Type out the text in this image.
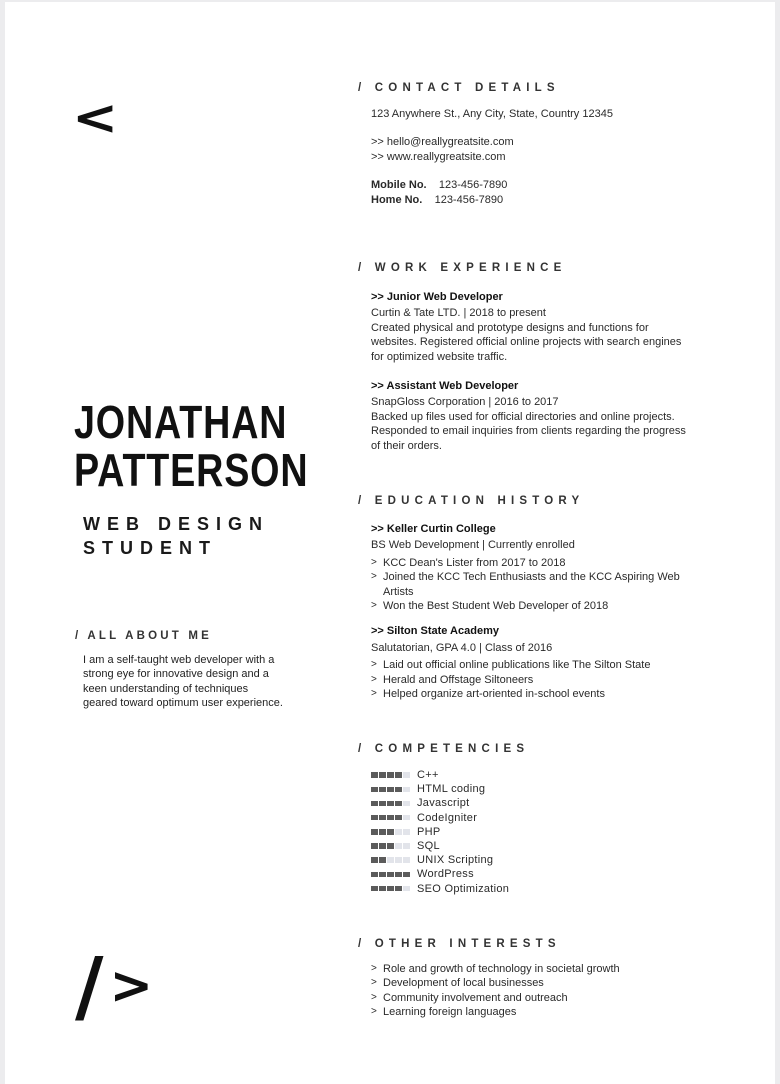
<
/>
JONATHAN
PATTERSON
WEB DESIGN
STUDENT
/ ALL ABOUT ME
I am a self-taught web developer with a strong eye for innovative design and a keen understanding of techniques geared toward optimum user experience.
/ CONTACT DETAILS
123 Anywhere St., Any City, State, Country 12345
>> hello@reallygreatsite.com
>> www.reallygreatsite.com
Mobile No. 123-456-7890
Home No. 123-456-7890
/ WORK EXPERIENCE
>> Junior Web Developer
Curtin & Tate LTD. | 2018 to present
Created physical and prototype designs and functions for websites. Registered official online projects with search engines for optimized website traffic.
>> Assistant Web Developer
SnapGloss Corporation | 2016 to 2017
Backed up files used for official directories and online projects. Responded to email inquiries from clients regarding the progress of their orders.
/ EDUCATION HISTORY
>> Keller Curtin College
BS Web Development | Currently enrolled
> KCC Dean's Lister from 2017 to 2018
> Joined the KCC Tech Enthusiasts and the KCC Aspiring Web Artists
> Won the Best Student Web Developer of 2018
>> Silton State Academy
Salutatorian, GPA 4.0 | Class of 2016
> Laid out official online publications like The Silton State
> Herald and Offstage Siltoneers
> Helped organize art-oriented in-school events
/ COMPETENCIES
C++
HTML coding
Javascript
CodeIgniter
PHP
SQL
UNIX Scripting
WordPress
SEO Optimization
/ OTHER INTERESTS
> Role and growth of technology in societal growth
> Development of local businesses
> Community involvement and outreach
> Learning foreign languages
